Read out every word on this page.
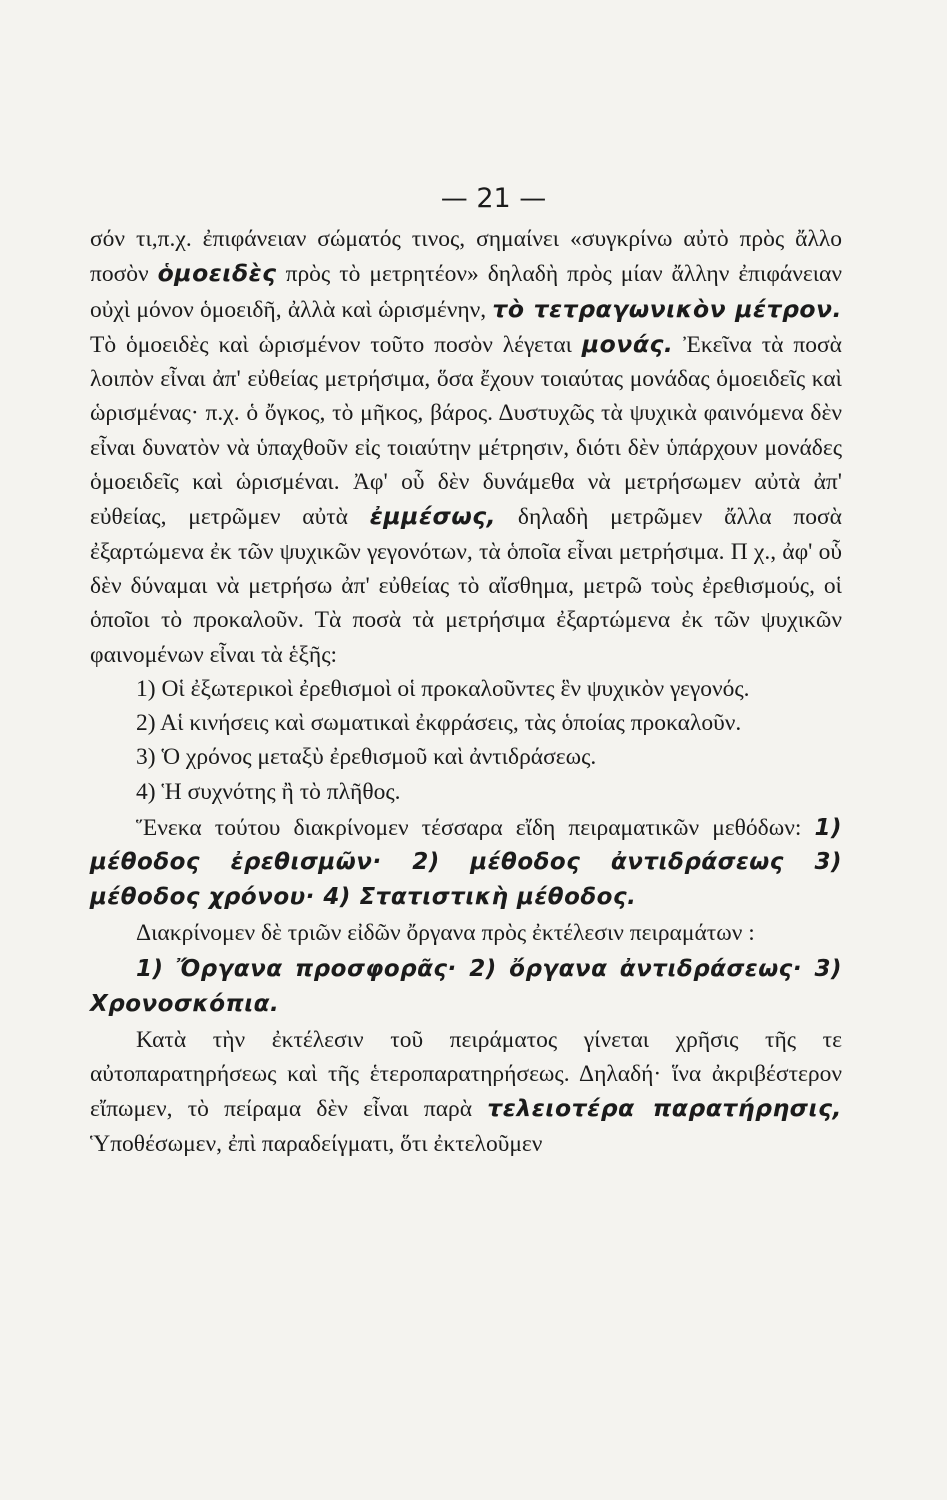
— 21 —

σόν τι,π.χ. ἐπιφάνειαν σώματός τινος, σημαίνει «συγκρίνω αὐτὸ πρὸς ἄλλο ποσὸν ὁμοειδὲς πρὸς τὸ μετρητέον» δηλαδὴ πρὸς μίαν ἄλλην ἐπιφάνειαν οὐχὶ μόνον ὁμοειδῆ, ἀλλὰ καὶ ὡρισμένην, τὸ τετραγωνικὸν μέτρον. Τὸ ὁμοειδὲς καὶ ὡρισμένον τοῦτο ποσὸν λέγεται μονάς. Ἐκεῖνα τὰ ποσὰ λοιπὸν εἶναι ἀπ' εὐθείας μετρήσιμα, ὅσα ἔχουν τοιαύτας μονάδας ὁμοειδεῖς καὶ ὡρισμένας· π.χ. ὁ ὄγκος, τὸ μῆκος, βάρος. Δυστυχῶς τὰ ψυχικὰ φαινόμενα δὲν εἶναι δυνατὸν νὰ ὑπαχθοῦν εἰς τοιαύτην μέτρησιν, διότι δὲν ὑπάρχουν μονάδες ὁμοειδεῖς καὶ ὡρισμέναι. Ἀφ' οὗ δὲν δυνάμεθα νὰ μετρήσωμεν αὐτὰ ἀπ' εὐθείας, μετρῶμεν αὐτὰ ἐμμέσως, δηλαδὴ μετρῶμεν ἄλλα ποσὰ ἐξαρτώμενα ἐκ τῶν ψυχικῶν γεγονότων, τὰ ὁποῖα εἶναι μετρήσιμα. Π χ., ἀφ' οὗ δὲν δύναμαι νὰ μετρήσω ἀπ' εὐθείας τὸ αἴσθημα, μετρῶ τοὺς ἐρεθισμούς, οἱ ὁποῖοι τὸ προκαλοῦν. Τὰ ποσὰ τὰ μετρήσιμα ἐξαρτώμενα ἐκ τῶν ψυχικῶν φαινομένων εἶναι τὰ ἑξῆς:

1) Οἱ ἐξωτερικοὶ ἐρεθισμοὶ οἱ προκαλοῦντες ἓν ψυχικὸν γεγονός.

2) Αἱ κινήσεις καὶ σωματικαὶ ἐκφράσεις, τὰς ὁποίας προκαλοῦν.

3) Ὁ χρόνος μεταξὺ ἐρεθισμοῦ καὶ ἀντιδράσεως.

4) Ἡ συχνότης ἢ τὸ πλῆθος.

Ἕνεκα τούτου διακρίνομεν τέσσαρα εἴδη πειραματικῶν μεθόδων: 1) μέθοδος ἐρεθισμῶν· 2) μέθοδος ἀντιδράσεως 3) μέθοδος χρόνου· 4) Στατιστικὴ μέθοδος.

Διακρίνομεν δὲ τριῶν εἰδῶν ὄργανα πρὸς ἐκτέλεσιν πειραμάτων :

1) Ὄργανα προσφορᾶς· 2) ὄργανα ἀντιδράσεως· 3) Χρονοσκόπια.

Κατὰ τὴν ἐκτέλεσιν τοῦ πειράματος γίνεται χρῆσις τῆς τε αὐτοπαρατηρήσεως καὶ τῆς ἑτεροπαρατηρήσεως. Δηλαδή· ἵνα ἀκριβέστερον εἴπωμεν, τὸ πείραμα δὲν εἶναι παρὰ τελειοτέρα παρατήρησις, Ὑποθέσωμεν, ἐπὶ παραδείγματι, ὅτι ἐκτελοῦμεν
